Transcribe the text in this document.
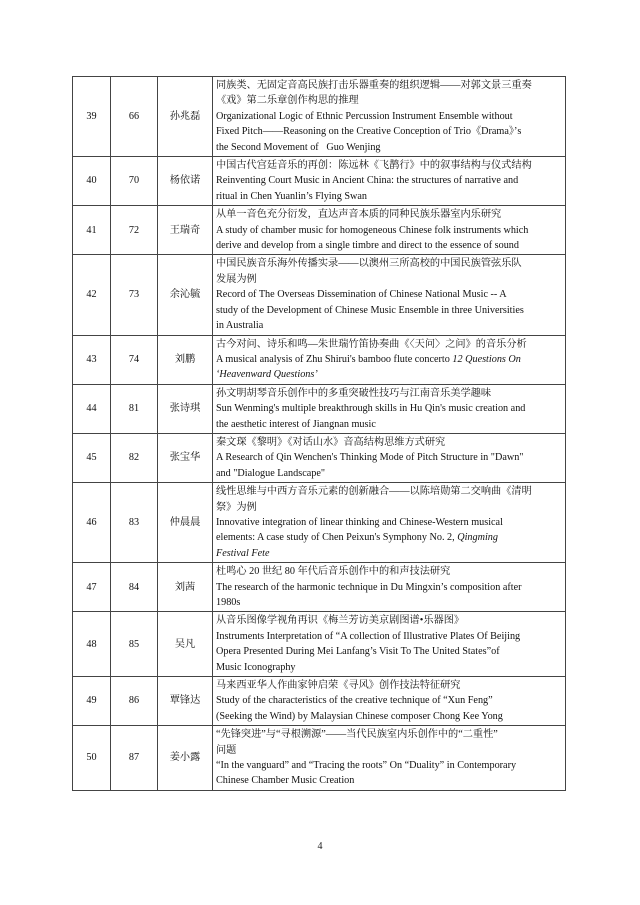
39	66	孙兆磊	同族类、无固定音高民族打击乐器重奏的组织逻辑——对郭文景三重奏
《戏》第二乐章创作构思的推理
Organizational Logic of Ethnic Percussion Instrument Ensemble without
Fixed Pitch——Reasoning on the Creative Conception of Trio《Drama》’s
the Second Movement of   Guo Wenjing

40	70	杨依诺	中国古代宫廷音乐的再创：陈远林《飞鹊行》中的叙事结构与仪式结构
Reinventing Court Music in Ancient China: the structures of narrative and
ritual in Chen Yuanlin’s Flying Swan

41	72	王瑞奇	从单一音色充分衍发，直达声音本质的同种民族乐器室内乐研究
A study of chamber music for homogeneous Chinese folk instruments which
derive and develop from a single timbre and direct to the essence of sound

42	73	余沁毓	中国民族音乐海外传播实录——以澳州三所高校的中国民族管弦乐队
发展为例
Record of The Overseas Dissemination of Chinese National Music -- A
study of the Development of Chinese Music Ensemble in three Universities
in Australia

43	74	刘鹏	古今对问、诗乐和鸣—朱世瑞竹笛协奏曲《〈天问〉之问》的音乐分析
A musical analysis of Zhu Shirui's bamboo flute concerto 12 Questions On
‘Heavenward Questions’

44	81	张诗琪	孙文明胡琴音乐创作中的多重突破性技巧与江南音乐美学趣味
Sun Wenming's multiple breakthrough skills in Hu Qin's music creation and
the aesthetic interest of Jiangnan music

45	82	张宝华	秦文琛《黎明》《对话山水》音高结构思维方式研究
A Research of Qin Wenchen's Thinking Mode of Pitch Structure in "Dawn"
and "Dialogue Landscape"

46	83	仲晨晨	线性思维与中西方音乐元素的创新融合——以陈培勋第二交响曲《清明
祭》为例
Innovative integration of linear thinking and Chinese-Western musical
elements: A case study of Chen Peixun's Symphony No. 2, Qingming
Festival Fete

47	84	刘茜	杜鸣心 20 世纪 80 年代后音乐创作中的和声技法研究
The research of the harmonic technique in Du Mingxin’s composition after
1980s

48	85	吴凡	从音乐图像学视角再识《梅兰芳访美京剧图谱•乐器图》
Instruments Interpretation of “A collection of Illustrative Plates Of Beijing
Opera Presented During Mei Lanfang’s Visit To The United States”of
Music Iconography

49	86	覃锋达	马来西亚华人作曲家钟启荣《寻风》创作技法特征研究
Study of the characteristics of the creative technique of “Xun Feng”
(Seeking the Wind) by Malaysian Chinese composer Chong Kee Yong

50	87	姜小露	“先锋突进”与“寻根溯源”——当代民族室内乐创作中的“二重性”
问题
“In the vanguard” and “Tracing the roots” On “Duality” in Contemporary
Chinese Chamber Music Creation
4
